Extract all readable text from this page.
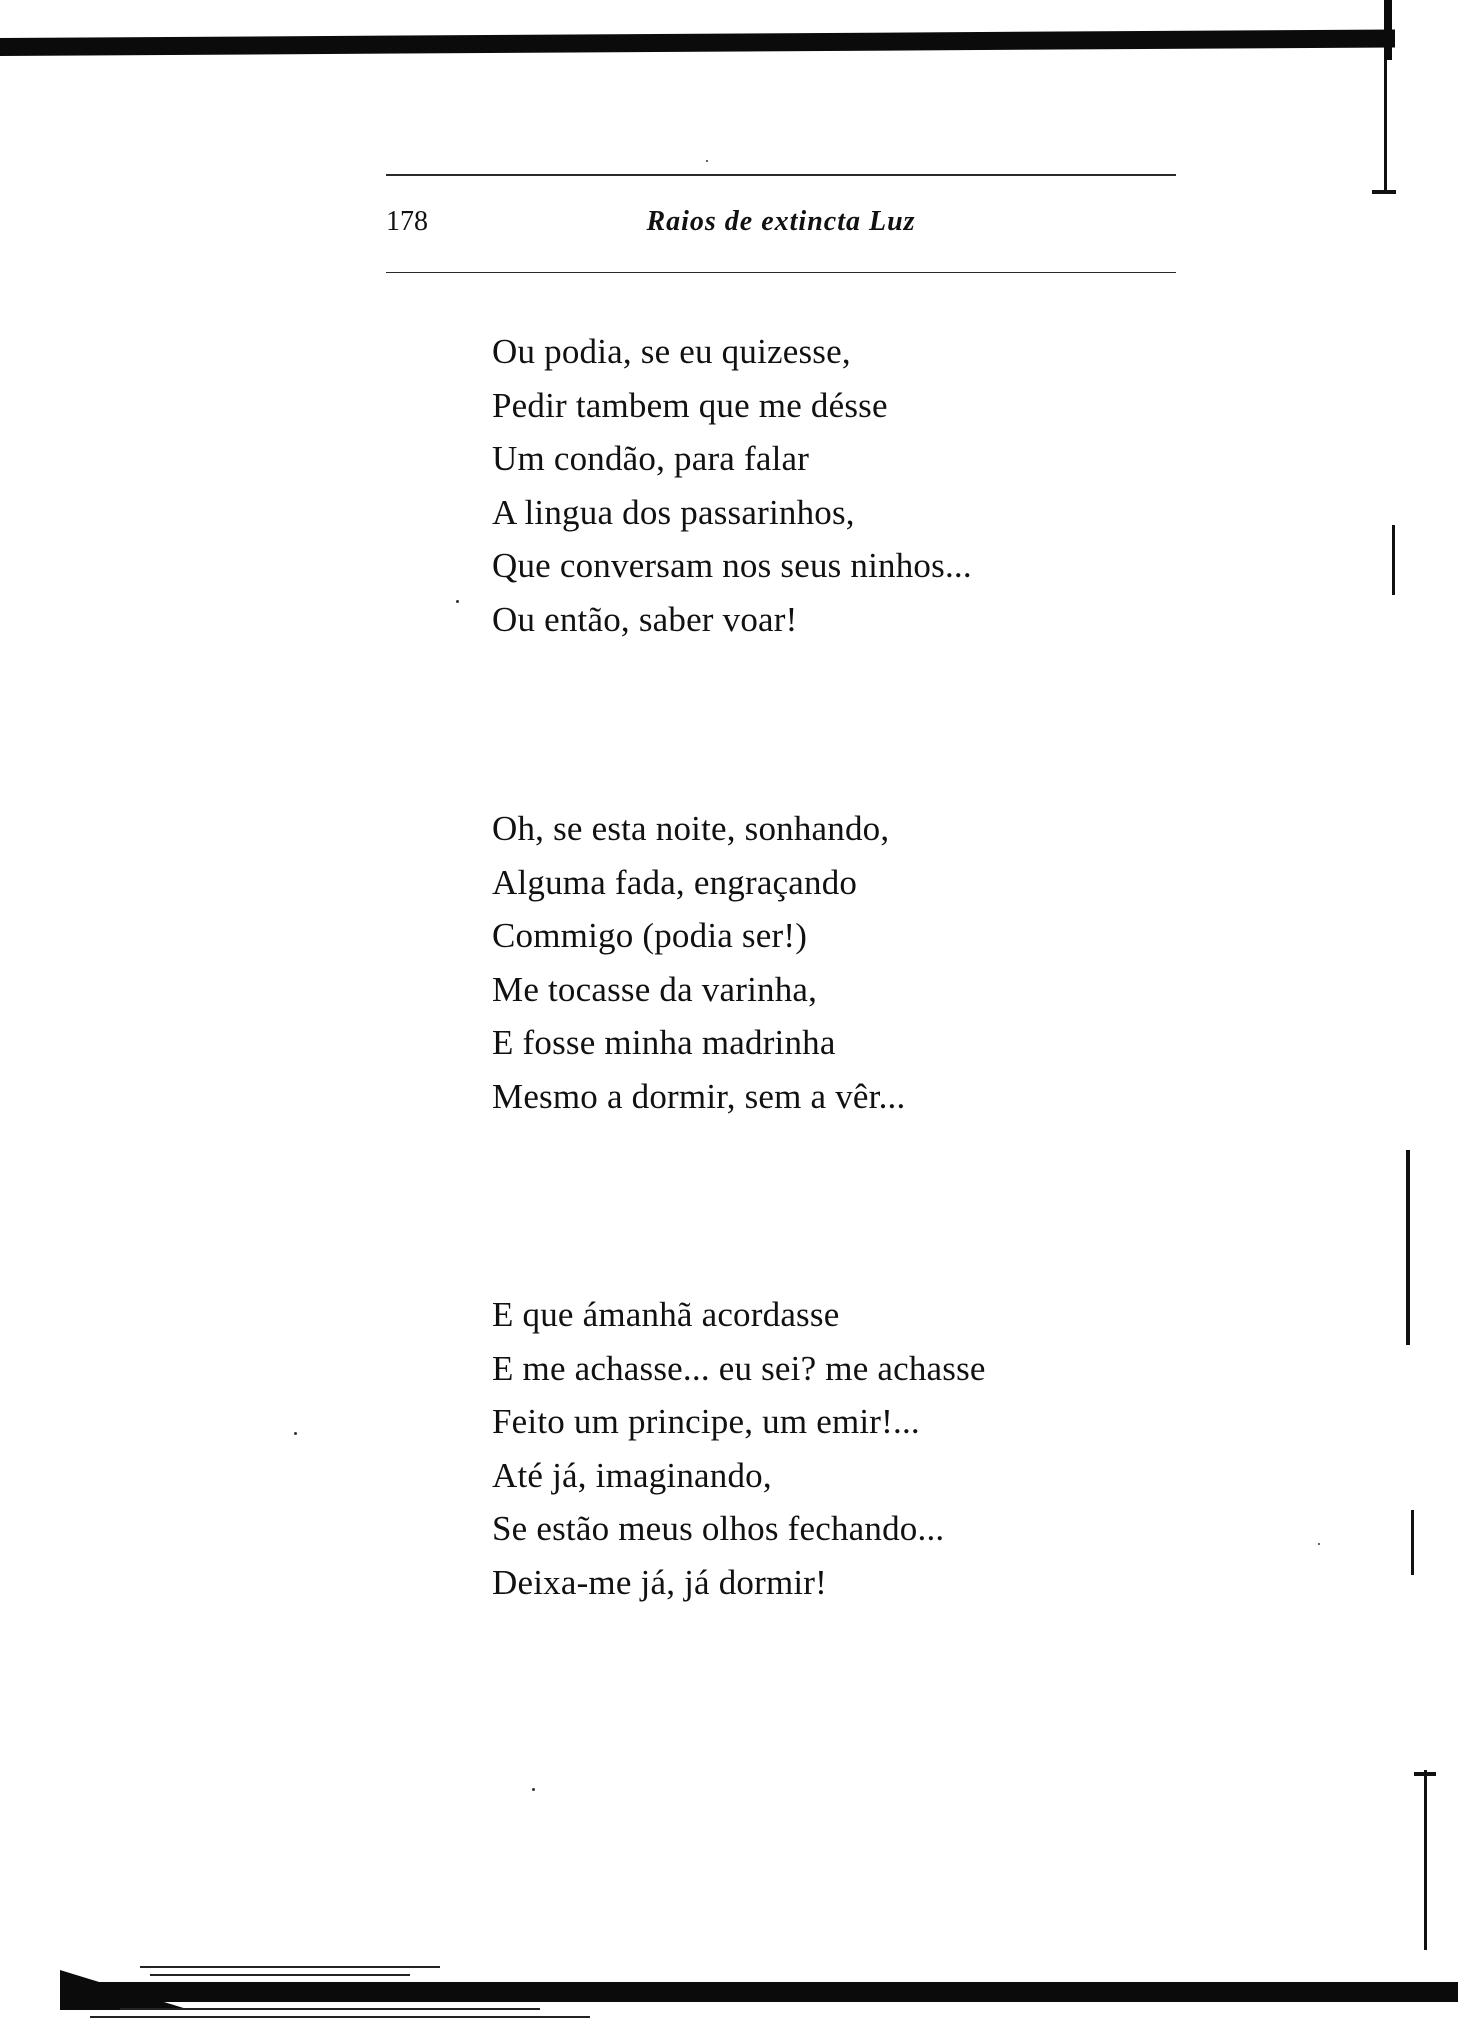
178	Raios de extincta Luz
Ou podia, se eu quizesse,
Pedir tambem que me désse
Um condão, para falar
A lingua dos passarinhos,
Que conversam nos seus ninhos...
Ou então, saber voar!
Oh, se esta noite, sonhando,
Alguma fada, engraçando
Commigo (podia ser!)
Me tocasse da varinha,
E fosse minha madrinha
Mesmo a dormir, sem a vêr...
E que ámanhã acordasse
E me achasse... eu sei? me achasse
Feito um principe, um emir!...
Até já, imaginando,
Se estão meus olhos fechando...
Deixa-me já, já dormir!
